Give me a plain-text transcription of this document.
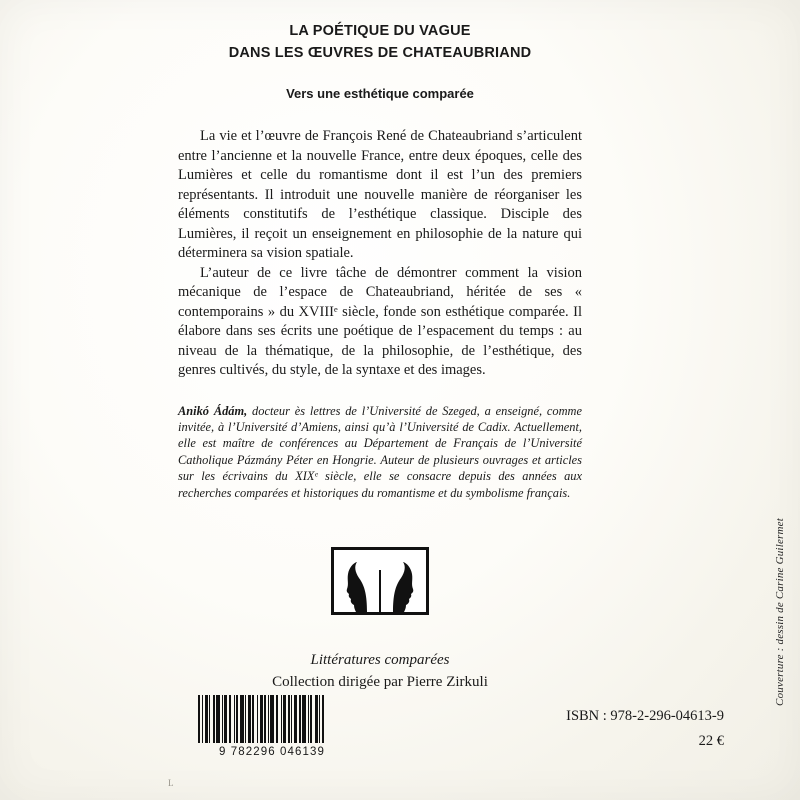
LA POÉTIQUE DU VAGUE
DANS LES ŒUVRES DE CHATEAUBRIAND
Vers une esthétique comparée

La vie et l’œuvre de François René de Chateaubriand s’articulent entre l’ancienne et la nouvelle France, entre deux époques, celle des Lumières et celle du romantisme dont il est l’un des premiers représentants. Il introduit une nouvelle manière de réorganiser les éléments constitutifs de l’esthétique classique. Disciple des Lumières, il reçoit un enseignement en philosophie de la nature qui déterminera sa vision spatiale.

L’auteur de ce livre tâche de démontrer comment la vision mécanique de l’espace de Chateaubriand, héritée de ses « contemporains » du XVIIIᵉ siècle, fonde son esthétique comparée. Il élabore dans ses écrits une poétique de l’espacement du temps : au niveau de la thématique, de la philosophie, de l’esthétique, des genres cultivés, du style, de la syntaxe et des images.

Anikó Ádám, docteur ès lettres de l’Université de Szeged, a enseigné, comme invitée, à l’Université d’Amiens, ainsi qu’à l’Université de Cadix. Actuellement, elle est maître de conférences au Département de Français de l’Université Catholique Pázmány Péter en Hongrie. Auteur de plusieurs ouvrages et articles sur les écrivains du XIXᵉ siècle, elle se consacre depuis des années aux recherches comparées et historiques du romantisme et du symbolisme français.
Littératures comparées
Collection dirigée par Pierre Zirkuli	Couverture : dessin de Carine Guilermet
9 782296 046139
ISBN : 978-2-296-04613-9
22 €
L
